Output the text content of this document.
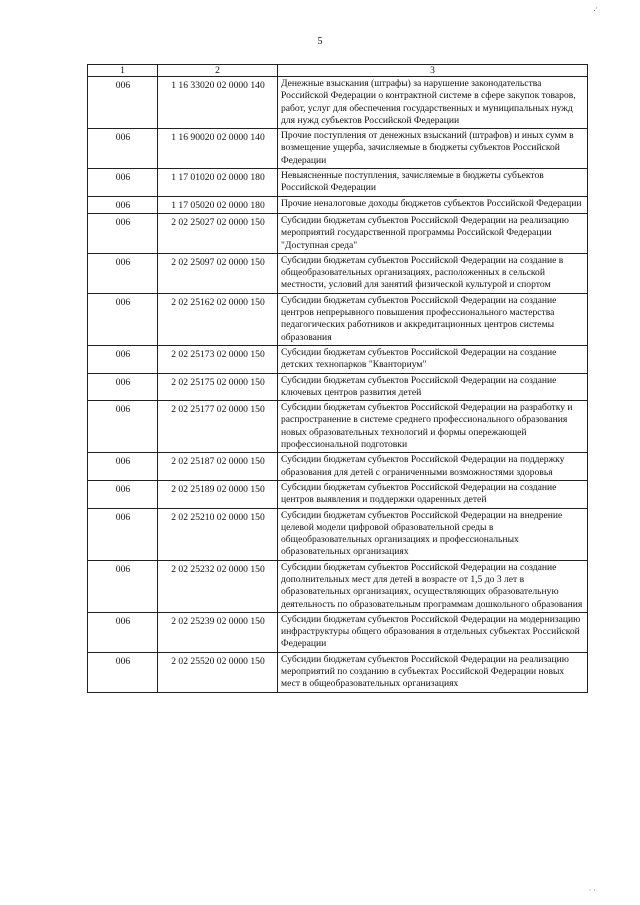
5
1	2	3
006	1 16 33020 02 0000 140	Денежные взыскания (штрафы) за нарушение законодательства Российской Федерации о контрактной системе в сфере закупок товаров, работ, услуг для обеспечения государственных и муниципальных нужд для нужд субъектов Российской Федерации
006	1 16 90020 02 0000 140	Прочие поступления от денежных взысканий (штрафов) и иных сумм в возмещение ущерба, зачисляемые в бюджеты субъектов Российской Федерации
006	1 17 01020 02 0000 180	Невыясненные поступления, зачисляемые в бюджеты субъектов Российской Федерации
006	1 17 05020 02 0000 180	Прочие неналоговые доходы бюджетов субъектов Российской Федерации
006	2 02 25027 02 0000 150	Субсидии бюджетам субъектов Российской Федерации на реализацию мероприятий государственной программы Российской Федерации "Доступная среда"
006	2 02 25097 02 0000 150	Субсидии бюджетам субъектов Российской Федерации на создание в общеобразовательных организациях, расположенных в сельской местности, условий для занятий физической культурой и спортом
006	2 02 25162 02 0000 150	Субсидии бюджетам субъектов Российской Федерации на создание центров непрерывного повышения профессионального мастерства педагогических работников и аккредитационных центров системы образования
006	2 02 25173 02 0000 150	Субсидии бюджетам субъектов Российской Федерации на создание детских технопарков "Кванториум"
006	2 02 25175 02 0000 150	Субсидии бюджетам субъектов Российской Федерации на создание ключевых центров развития детей
006	2 02 25177 02 0000 150	Субсидии бюджетам субъектов Российской Федерации на разработку и распространение в системе среднего профессионального образования новых образовательных технологий и формы опережающей профессиональной подготовки
006	2 02 25187 02 0000 150	Субсидии бюджетам субъектов Российской Федерации на поддержку образования для детей с ограниченными возможностями здоровья
006	2 02 25189 02 0000 150	Субсидии бюджетам субъектов Российской Федерации на создание центров выявления и поддержки одаренных детей
006	2 02 25210 02 0000 150	Субсидии бюджетам субъектов Российской Федерации на внедрение целевой модели цифровой образовательной среды в общеобразовательных организациях и профессиональных образовательных организациях
006	2 02 25232 02 0000 150	Субсидии бюджетам субъектов Российской Федерации на создание дополнительных мест для детей в возрасте от 1,5 до 3 лет в образовательных организациях, осуществляющих образовательную деятельность по образовательным программам дошкольного образования
006	2 02 25239 02 0000 150	Субсидии бюджетам субъектов Российской Федерации на модернизацию инфраструктуры общего образования в отдельных субъектах Российской Федерации
006	2 02 25520 02 0000 150	Субсидии бюджетам субъектов Российской Федерации на реализацию мероприятий по созданию в субъектах Российской Федерации новых мест в общеобразовательных организациях
.·
· ·
